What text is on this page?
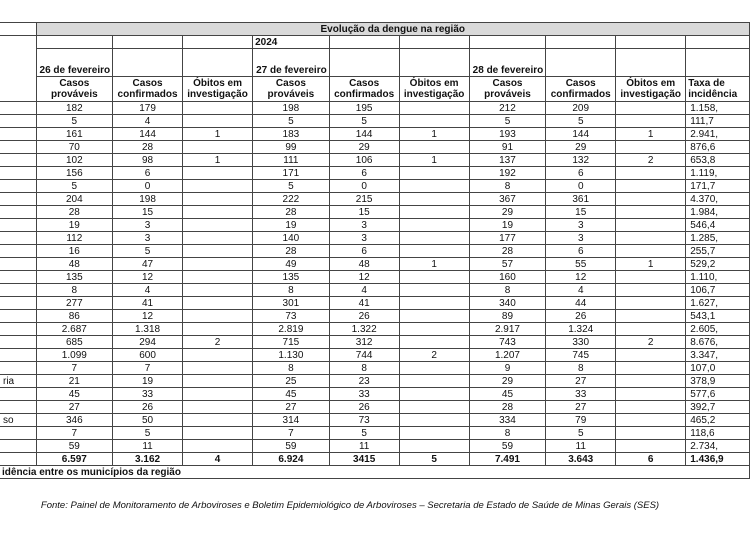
	Evolução da dengue na região									
				2024						
	26 de fevereiro			27 de fevereiro			28 de fevereiro			

	Casos
prováveis	Casos
confirmados	Óbitos em
investigação	Casos
prováveis	Casos
confirmados	Óbitos em
investigação	Casos
prováveis	Casos
confirmados	Óbitos em
investigação	Taxa de
incidência

	182	179		198	195		212	209		1.158,
	5	4		5	5		5	5		111,7
	161	144	1	183	144	1	193	144	1	2.941,
	70	28		99	29		91	29		876,6
	102	98	1	111	106	1	137	132	2	653,8
	156	6		171	6		192	6		1.119,
	5	0		5	0		8	0		171,7
	204	198		222	215		367	361		4.370,
	28	15		28	15		29	15		1.984,
	19	3		19	3		19	3		546,4
	112	3		140	3		177	3		1.285,
	16	5		28	6		28	6		255,7
	48	47		49	48	1	57	55	1	529,2
	135	12		135	12		160	12		1.110,
	8	4		8	4		8	4		106,7
	277	41		301	41		340	44		1.627,
	86	12		73	26		89	26		543,1
	2.687	1.318		2.819	1.322		2.917	1.324		2.605,
	685	294	2	715	312		743	330	2	8.676,
	1.099	600		1.130	744	2	1.207	745		3.347,
	7	7		8	8		9	8		107,0
ria	21	19		25	23		29	27		378,9
	45	33		45	33		45	33		577,6
	27	26		27	26		28	27		392,7
so	346	50		314	73		334	79		465,2
	7	5		7	5		8	5		118,6
	59	11		59	11		59	11		2.734,
	6.597	3.162	4	6.924	3415	5	7.491	3.643	6	1.436,9
idência entre os municípios da região										
Fonte: Painel de Monitoramento de Arboviroses e Boletim Epidemiológico de Arboviroses – Secretaria de Estado de Saúde de Minas Gerais (SES)
